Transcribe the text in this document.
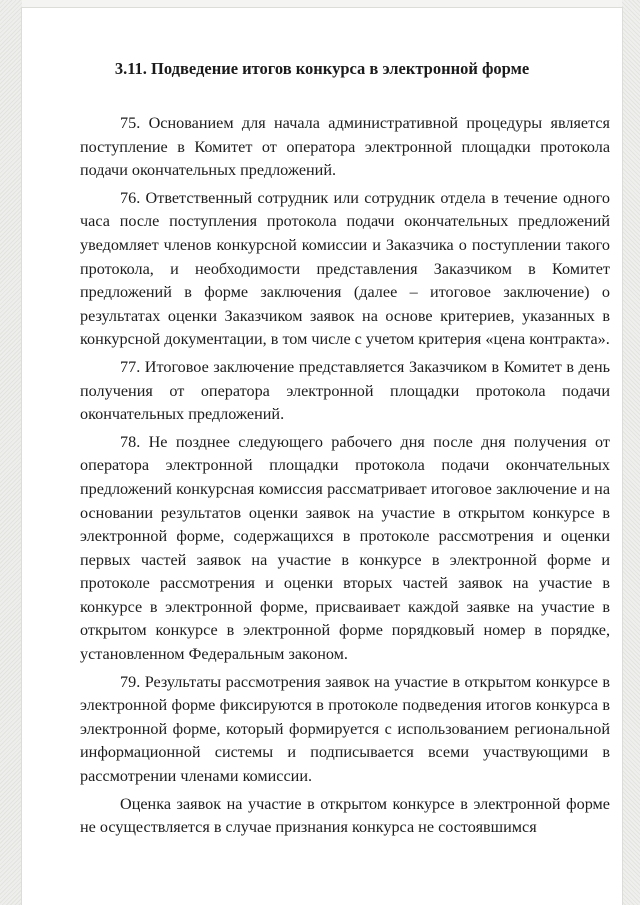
3.11. Подведение итогов конкурса в электронной форме

75. Основанием для начала административной процедуры является поступление в Комитет от оператора электронной площадки протокола подачи окончательных предложений.

76. Ответственный сотрудник или сотрудник отдела в течение одного часа после поступления протокола подачи окончательных предложений уведомляет членов конкурсной комиссии и Заказчика о поступлении такого протокола, и необходимости представления Заказчиком в Комитет предложений в форме заключения (далее – итоговое заключение) о результатах оценки Заказчиком заявок на основе критериев, указанных в конкурсной документации, в том числе с учетом критерия «цена контракта».

77. Итоговое заключение представляется Заказчиком в Комитет в день получения от оператора электронной площадки протокола подачи окончательных предложений.

78. Не позднее следующего рабочего дня после дня получения от оператора электронной площадки протокола подачи окончательных предложений конкурсная комиссия рассматривает итоговое заключение и на основании результатов оценки заявок на участие в открытом конкурсе в электронной форме, содержащихся в протоколе рассмотрения и оценки первых частей заявок на участие в конкурсе в электронной форме и протоколе рассмотрения и оценки вторых частей заявок на участие в конкурсе в электронной форме, присваивает каждой заявке на участие в открытом конкурсе в электронной форме порядковый номер в порядке, установленном Федеральным законом.

79. Результаты рассмотрения заявок на участие в открытом конкурсе в электронной форме фиксируются в протоколе подведения итогов конкурса в электронной форме, который формируется с использованием региональной информационной системы и подписывается всеми участвующими в рассмотрении членами комиссии.

Оценка заявок на участие в открытом конкурсе в электронной форме не осуществляется в случае признания конкурса не состоявшимся
